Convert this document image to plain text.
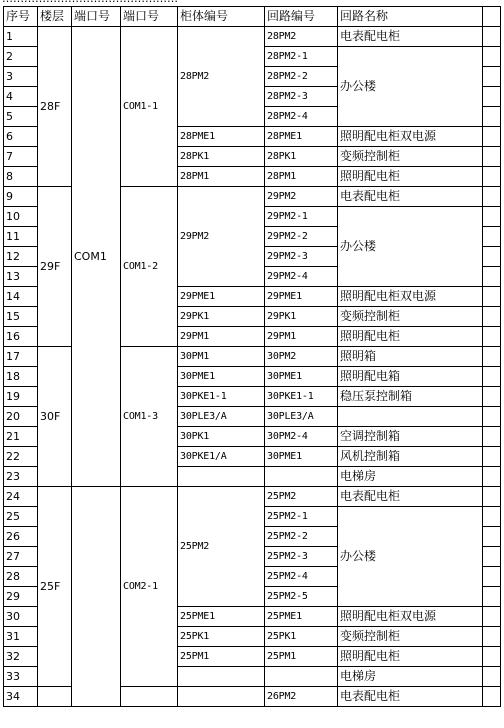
序号	楼层	端口号	端口号	柜体编号	回路编号	回路名称	
1	28F	COM1	COM1-1	28PM2	28PM2	电表配电柜	
2					28PM2-1	办公楼	
3					28PM2-2		
4					28PM2-3		
5					28PM2-4		
6				28PME1	28PME1	照明配电柜双电源	
7				28PK1	28PK1	变频控制柜	
8				28PM1	28PM1	照明配电柜	
9	29F		COM1-2	29PM2	29PM2	电表配电柜	
10					29PM2-1	办公楼	
11					29PM2-2		
12					29PM2-3		
13					29PM2-4		
14				29PME1	29PME1	照明配电柜双电源	
15				29PK1	29PK1	变频控制柜	
16				29PM1	29PM1	照明配电柜	
17	30F		COM1-3	30PM1	30PM2	照明箱	
18				30PME1	30PME1	照明配电箱	
19				30PKE1-1	30PKE1-1	稳压泵控制箱	
20				30PLE3/A	30PLE3/A		
21				30PK1	30PM2-4	空调控制箱	
22				30PKE1/A	30PME1	风机控制箱	
23						电梯房	
24	25F		COM2-1	25PM2	25PM2	电表配电柜	
25					25PM2-1	办公楼	
26					25PM2-2		
27					25PM2-3		
28					25PM2-4		
29					25PM2-5		
30				25PME1	25PME1	照明配电柜双电源	
31				25PK1	25PK1	变频控制柜	
32				25PM1	25PM1	照明配电柜	
33						电梯房	
34					26PM2	电表配电柜	
